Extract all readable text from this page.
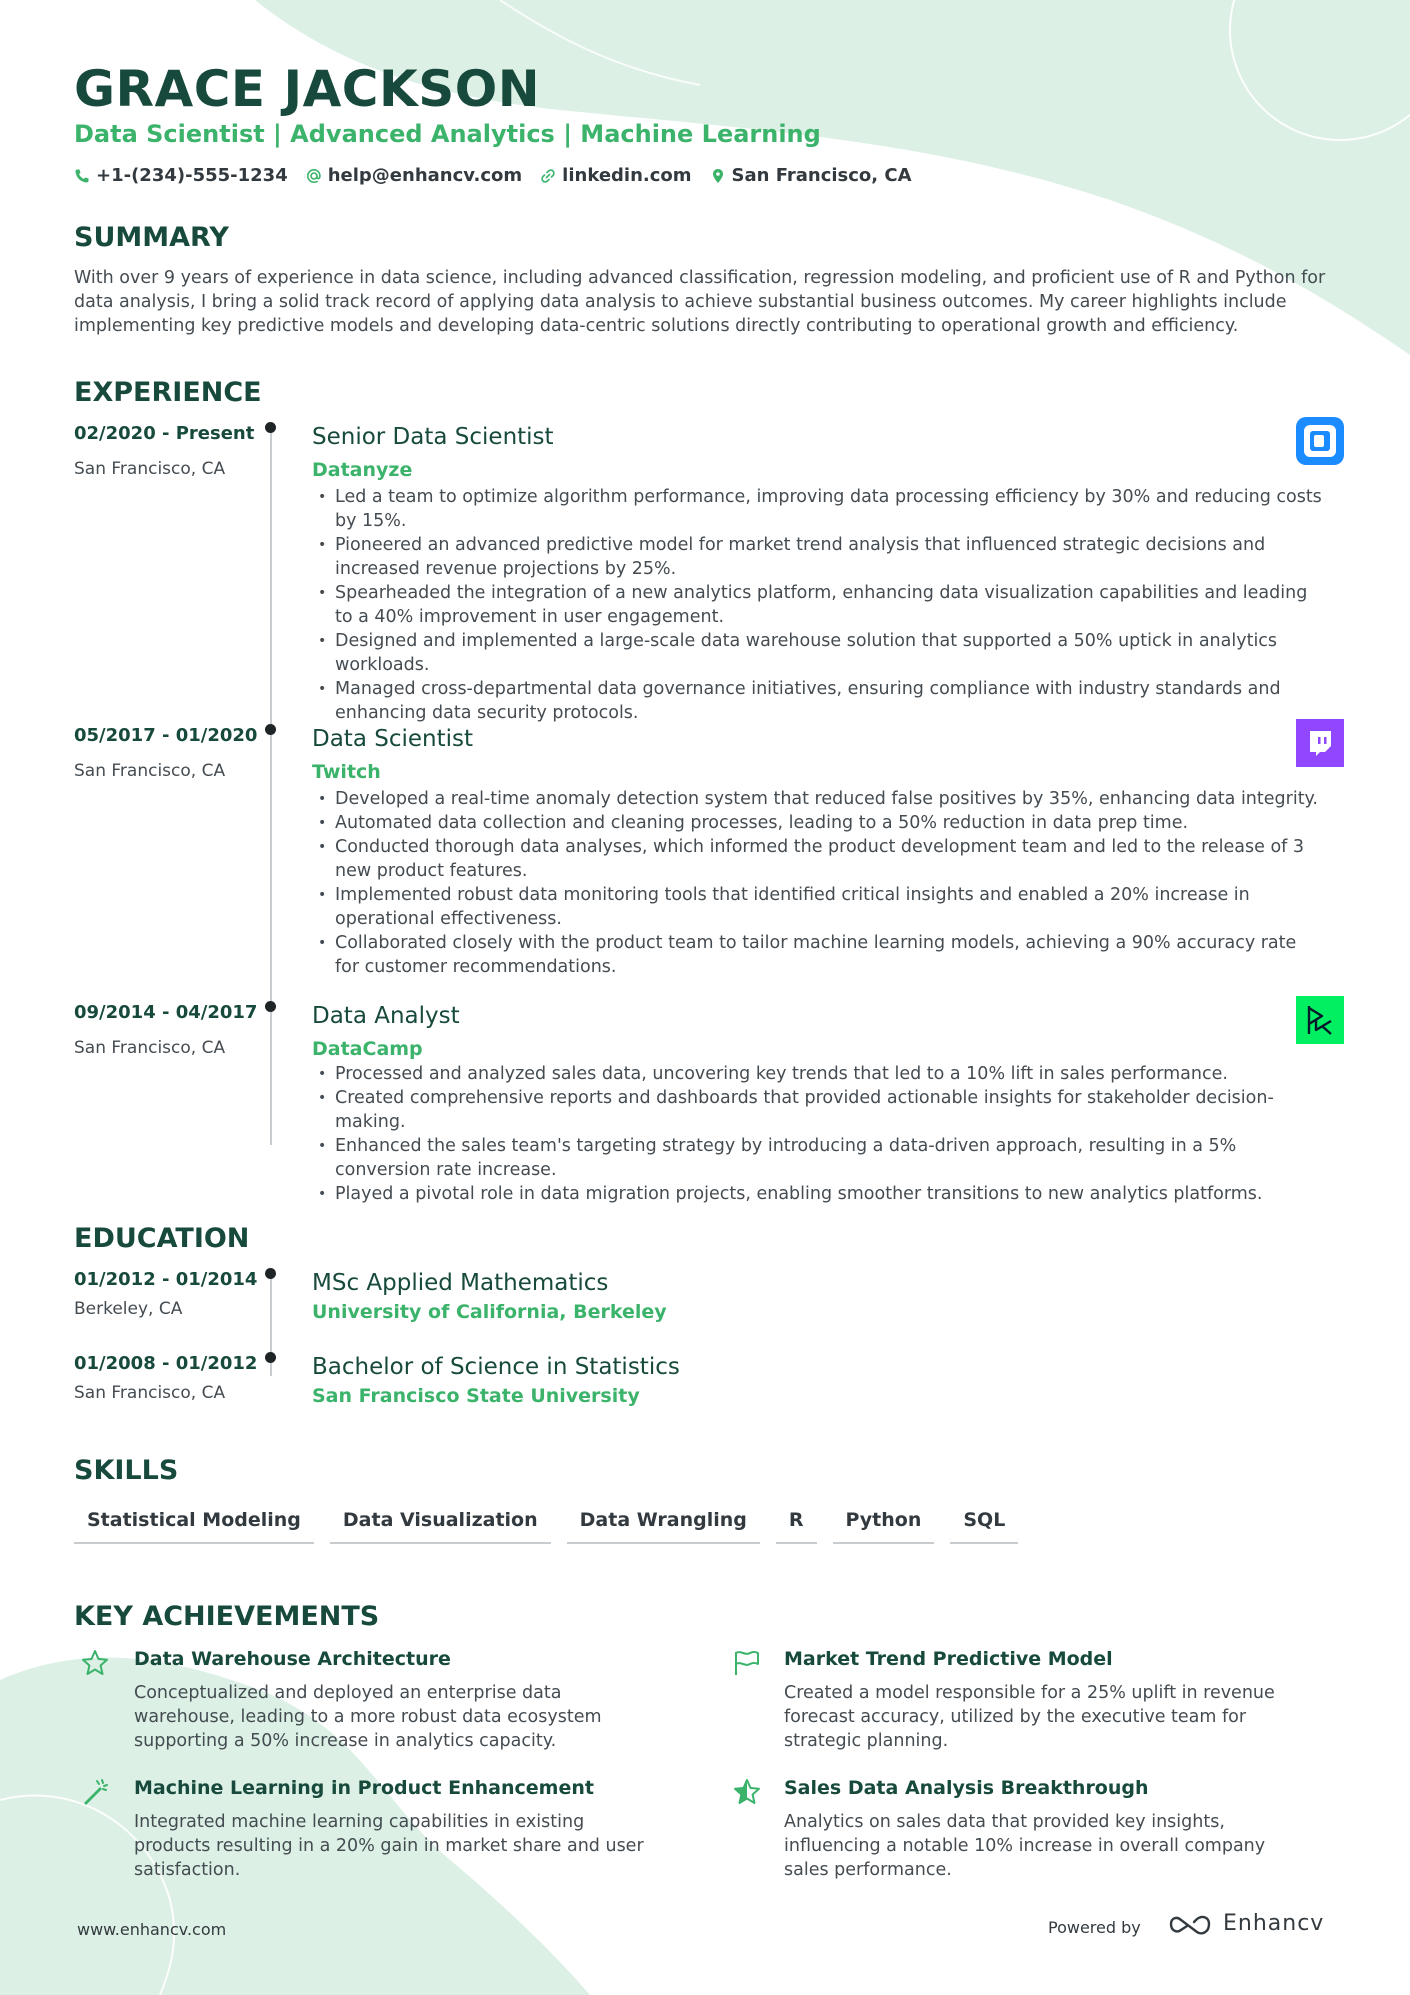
GRACE JACKSON
Data Scientist | Advanced Analytics | Machine Learning
+1-(234)-555-1234 help@enhancv.com linkedin.com San Francisco, CA
SUMMARY
With over 9 years of experience in data science, including advanced classification, regression modeling, and proficient use of R and Python for data analysis, I bring a solid track record of applying data analysis to achieve substantial business outcomes. My career highlights include implementing key predictive models and developing data-centric solutions directly contributing to operational growth and efficiency.
EXPERIENCE
02/2020 - Present
San Francisco, CA
Senior Data Scientist
Datanyze
• Led a team to optimize algorithm performance, improving data processing efficiency by 30% and reducing costs by 15%.
• Pioneered an advanced predictive model for market trend analysis that influenced strategic decisions and increased revenue projections by 25%.
• Spearheaded the integration of a new analytics platform, enhancing data visualization capabilities and leading to a 40% improvement in user engagement.
• Designed and implemented a large-scale data warehouse solution that supported a 50% uptick in analytics workloads.
• Managed cross-departmental data governance initiatives, ensuring compliance with industry standards and enhancing data security protocols.
05/2017 - 01/2020
San Francisco, CA
Data Scientist
Twitch
• Developed a real-time anomaly detection system that reduced false positives by 35%, enhancing data integrity.
• Automated data collection and cleaning processes, leading to a 50% reduction in data prep time.
• Conducted thorough data analyses, which informed the product development team and led to the release of 3 new product features.
• Implemented robust data monitoring tools that identified critical insights and enabled a 20% increase in operational effectiveness.
• Collaborated closely with the product team to tailor machine learning models, achieving a 90% accuracy rate for customer recommendations.
09/2014 - 04/2017
San Francisco, CA
Data Analyst
DataCamp
• Processed and analyzed sales data, uncovering key trends that led to a 10% lift in sales performance.
• Created comprehensive reports and dashboards that provided actionable insights for stakeholder decision-making.
• Enhanced the sales team's targeting strategy by introducing a data-driven approach, resulting in a 5% conversion rate increase.
• Played a pivotal role in data migration projects, enabling smoother transitions to new analytics platforms.
EDUCATION
01/2012 - 01/2014
Berkeley, CA
MSc Applied Mathematics
University of California, Berkeley
01/2008 - 01/2012
San Francisco, CA
Bachelor of Science in Statistics
San Francisco State University
SKILLS
Statistical Modeling	Data Visualization	Data Wrangling	R	Python	SQL
KEY ACHIEVEMENTS
Data Warehouse Architecture
Conceptualized and deployed an enterprise data warehouse, leading to a more robust data ecosystem supporting a 50% increase in analytics capacity.
Market Trend Predictive Model
Created a model responsible for a 25% uplift in revenue forecast accuracy, utilized by the executive team for strategic planning.
Machine Learning in Product Enhancement
Integrated machine learning capabilities in existing products resulting in a 20% gain in market share and user satisfaction.
Sales Data Analysis Breakthrough
Analytics on sales data that provided key insights, influencing a notable 10% increase in overall company sales performance.
www.enhancv.com	Powered by	Enhancv
